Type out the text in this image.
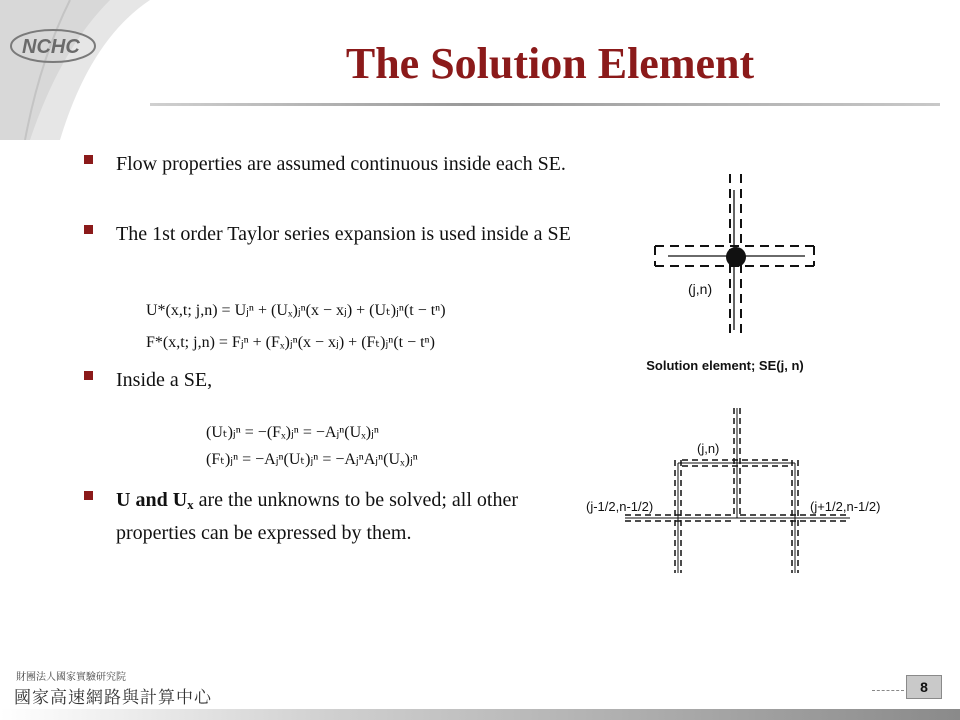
NCHC	The Solution Element
Flow properties are assumed continuous inside each SE.
The 1st order Taylor series expansion is used inside a SE
Inside a SE,
U and $U_x$ are the unknowns to be solved; all other properties can be expressed by them.
U*(x,t; j,n) = Uⱼⁿ + (Uₓ)ⱼⁿ(x − xⱼ) + (Uₜ)ⱼⁿ(t − tⁿ)
F*(x,t; j,n) = Fⱼⁿ + (Fₓ)ⱼⁿ(x − xⱼ) + (Fₜ)ⱼⁿ(t − tⁿ)
(Uₜ)ⱼⁿ = −(Fₓ)ⱼⁿ = −Aⱼⁿ(Uₓ)ⱼⁿ
(Fₜ)ⱼⁿ = −Aⱼⁿ(Uₜ)ⱼⁿ = −AⱼⁿAⱼⁿ(Uₓ)ⱼⁿ
(j,n)
Solution element; SE(j, n)
(j,n)
(j-1/2,n-1/2)	(j+1/2,n-1/2)
財團法人國家實驗研究院
國家高速網路與計算中心
8
